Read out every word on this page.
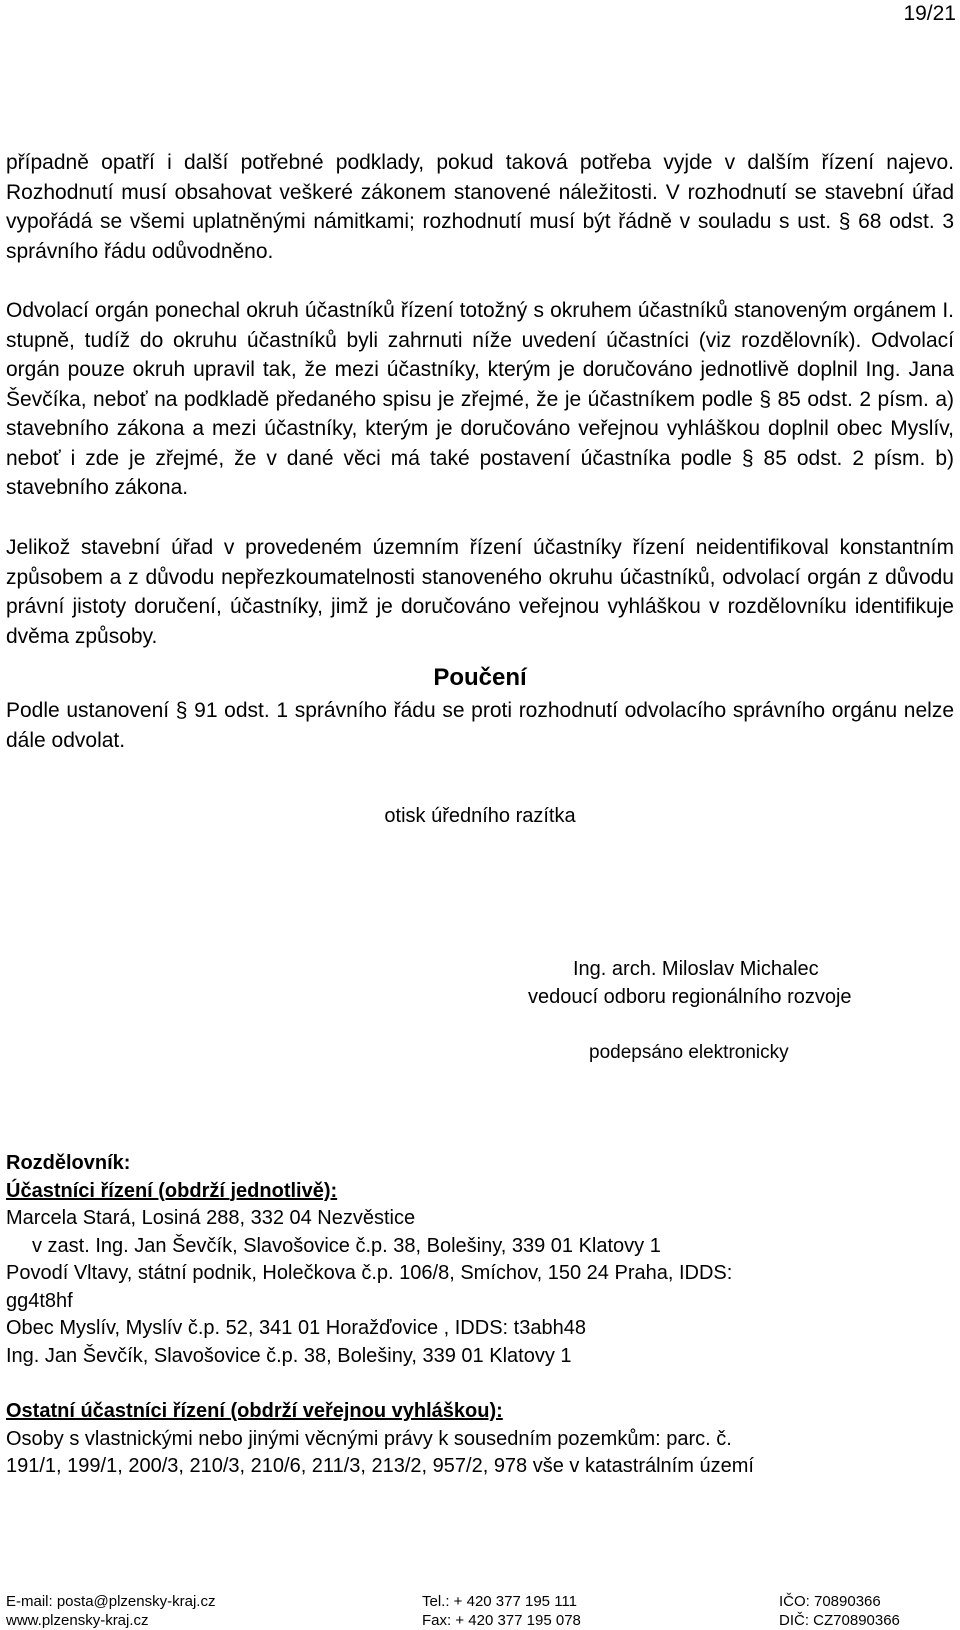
19/21

případně opatří i další potřebné podklady, pokud taková potřeba vyjde v dalším řízení najevo. Rozhodnutí musí obsahovat veškeré zákonem stanovené náležitosti. V rozhodnutí se stavební úřad vypořádá se všemi uplatněnými námitkami; rozhodnutí musí být řádně v souladu s ust. § 68 odst. 3 správního řádu odůvodněno.

Odvolací orgán ponechal okruh účastníků řízení totožný s okruhem účastníků stanoveným orgánem I. stupně, tudíž do okruhu účastníků byli zahrnuti níže uvedení účastníci (viz rozdělovník). Odvolací orgán pouze okruh upravil tak, že mezi účastníky, kterým je doručováno jednotlivě doplnil Ing. Jana Ševčíka, neboť na podkladě předaného spisu je zřejmé, že je účastníkem podle § 85 odst. 2 písm. a) stavebního zákona a mezi účastníky, kterým je doručováno veřejnou vyhláškou doplnil obec Myslív, neboť i zde je zřejmé, že v dané věci má také postavení účastníka podle § 85 odst. 2 písm. b) stavebního zákona.

Jelikož stavební úřad v provedeném územním řízení účastníky řízení neidentifikoval konstantním způsobem a z důvodu nepřezkoumatelnosti stanoveného okruhu účastníků, odvolací orgán z důvodu právní jistoty doručení, účastníky, jimž je doručováno veřejnou vyhláškou v rozdělovníku identifikuje dvěma způsoby.

Poučení

Podle ustanovení § 91 odst. 1 správního řádu se proti rozhodnutí odvolacího správního orgánu nelze dále odvolat.

otisk úředního razítka
Ing. arch. Miloslav Michalec
vedoucí odboru regionálního rozvoje
podepsáno elektronicky
Rozdělovník:
Účastníci řízení (obdrží jednotlivě):
Marcela Stará, Losiná 288, 332 04 Nezvěstice
v zast. Ing. Jan Ševčík, Slavošovice č.p. 38, Bolešiny, 339 01 Klatovy 1
Povodí Vltavy, státní podnik, Holečkova č.p. 106/8, Smíchov, 150 24 Praha, IDDS:
gg4t8hf
Obec Myslív, Myslív č.p. 52, 341 01 Horažďovice , IDDS: t3abh48
Ing. Jan Ševčík, Slavošovice č.p. 38, Bolešiny, 339 01 Klatovy 1
Ostatní účastníci řízení (obdrží veřejnou vyhláškou):
Osoby s vlastnickými nebo jinými věcnými právy k sousedním pozemkům: parc. č.
191/1, 199/1, 200/3, 210/3, 210/6, 211/3, 213/2, 957/2, 978 vše v katastrálním území
E-mail: posta@plzensky-kraj.cz
www.plzensky-kraj.cz
Tel.: + 420 377 195 111
Fax: + 420 377 195 078
IČO: 70890366
DIČ: CZ70890366
